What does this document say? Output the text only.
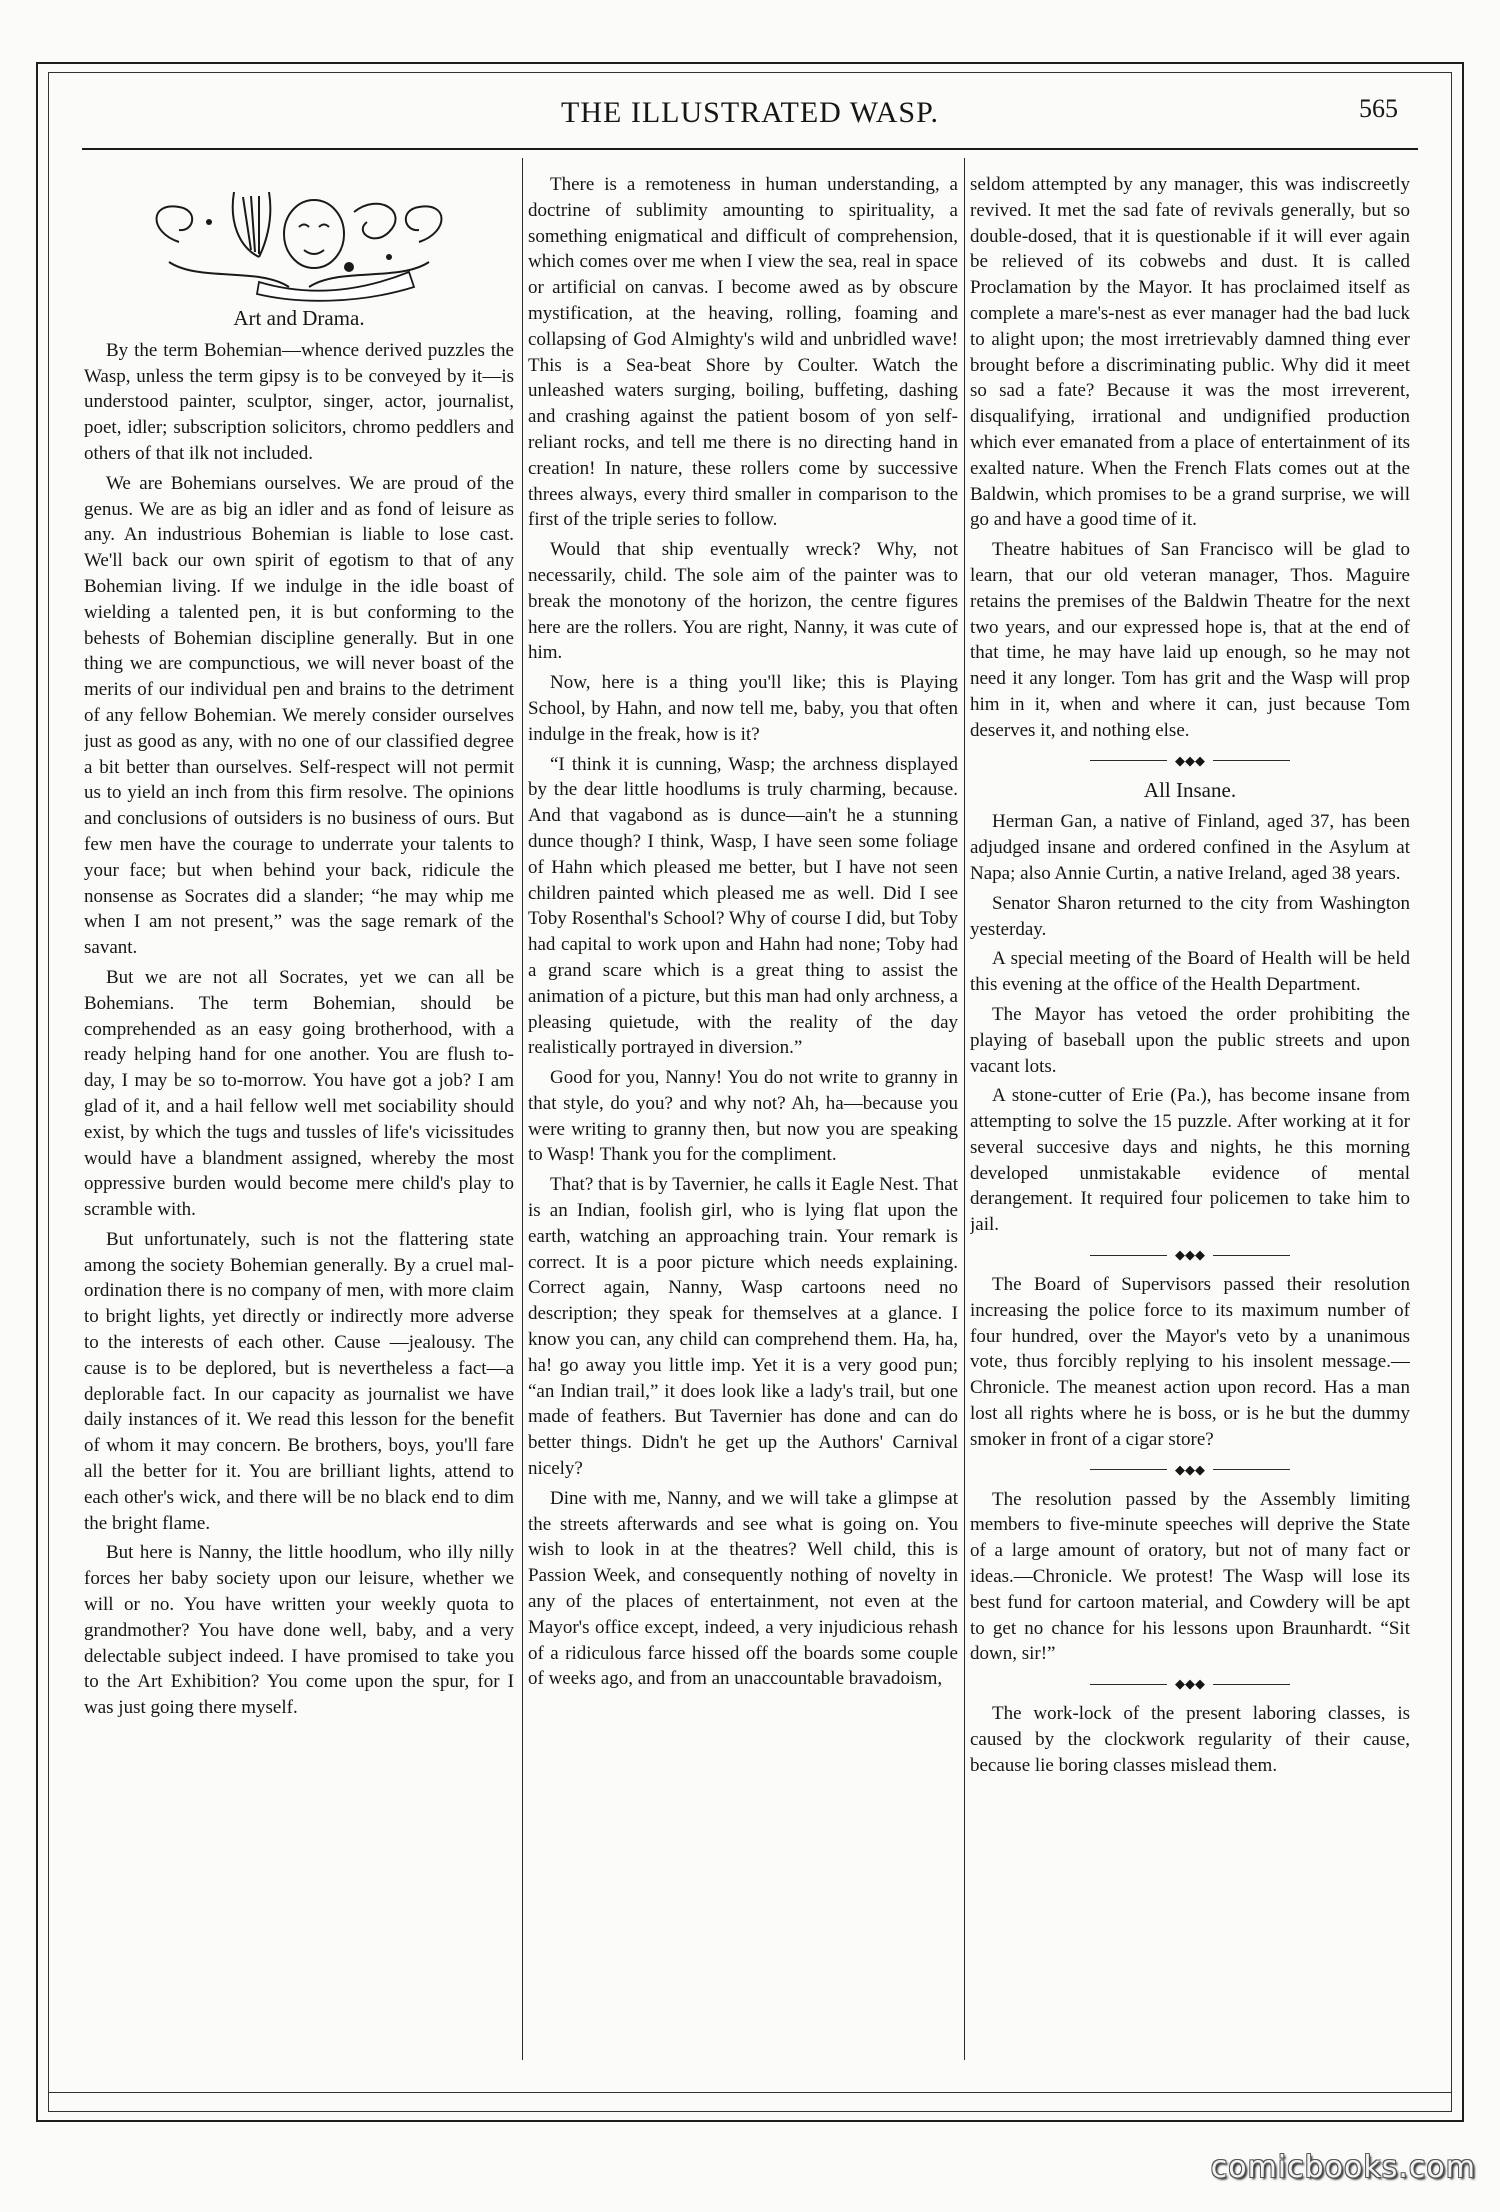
THE ILLUSTRATED WASP.	565
Art and Drama.

By the term Bohemian—whence derived puzzles the Wasp, unless the term gipsy is to be conveyed by it—is understood painter, sculptor, singer, actor, journalist, poet, idler; subscription solicitors, chromo peddlers and others of that ilk not included.

We are Bohemians ourselves. We are proud of the genus. We are as big an idler and as fond of leisure as any. An industrious Bohemian is liable to lose cast. We'll back our own spirit of egotism to that of any Bohemian living. If we indulge in the idle boast of wielding a talented pen, it is but conforming to the behests of Bohemian discipline generally. But in one thing we are compunctious, we will never boast of the merits of our individual pen and brains to the detriment of any fellow Bohemian. We merely consider ourselves just as good as any, with no one of our classified degree a bit better than ourselves. Self-respect will not permit us to yield an inch from this firm resolve. The opinions and conclusions of outsiders is no business of ours. But few men have the courage to underrate your talents to your face; but when behind your back, ridicule the nonsense as Socrates did a slander; “he may whip me when I am not present,” was the sage remark of the savant.

But we are not all Socrates, yet we can all be Bohemians. The term Bohemian, should be comprehended as an easy going brotherhood, with a ready helping hand for one another. You are flush to-day, I may be so to-morrow. You have got a job? I am glad of it, and a hail fellow well met sociability should exist, by which the tugs and tussles of life's vicissitudes would have a blandment assigned, whereby the most oppressive burden would become mere child's play to scramble with.

But unfortunately, such is not the flattering state among the society Bohemian generally. By a cruel mal-ordination there is no company of men, with more claim to bright lights, yet directly or indirectly more adverse to the interests of each other. Cause —jealousy. The cause is to be deplored, but is nevertheless a fact—a deplorable fact. In our capacity as journalist we have daily instances of it. We read this lesson for the benefit of whom it may concern. Be brothers, boys, you'll fare all the better for it. You are brilliant lights, attend to each other's wick, and there will be no black end to dim the bright flame.

But here is Nanny, the little hoodlum, who illy nilly forces her baby society upon our leisure, whether we will or no. You have written your weekly quota to grandmother? You have done well, baby, and a very delectable subject indeed. I have promised to take you to the Art Exhibition? You come upon the spur, for I was just going there myself.

There is a remoteness in human understanding, a doctrine of sublimity amounting to spirituality, a something enigmatical and difficult of comprehension, which comes over me when I view the sea, real in space or artificial on canvas. I become awed as by obscure mystification, at the heaving, rolling, foaming and collapsing of God Almighty's wild and unbridled wave! This is a Sea-beat Shore by Coulter. Watch the unleashed waters surging, boiling, buffeting, dashing and crashing against the patient bosom of yon self-reliant rocks, and tell me there is no directing hand in creation! In nature, these rollers come by successive threes always, every third smaller in comparison to the first of the triple series to follow.

Would that ship eventually wreck? Why, not necessarily, child. The sole aim of the painter was to break the monotony of the horizon, the centre figures here are the rollers. You are right, Nanny, it was cute of him.

Now, here is a thing you'll like; this is Playing School, by Hahn, and now tell me, baby, you that often indulge in the freak, how is it?

“I think it is cunning, Wasp; the archness displayed by the dear little hoodlums is truly charming, because. And that vagabond as is dunce—ain't he a stunning dunce though? I think, Wasp, I have seen some foliage of Hahn which pleased me better, but I have not seen children painted which pleased me as well. Did I see Toby Rosenthal's School? Why of course I did, but Toby had capital to work upon and Hahn had none; Toby had a grand scare which is a great thing to assist the animation of a picture, but this man had only archness, a pleasing quietude, with the reality of the day realistically portrayed in diversion.”

Good for you, Nanny! You do not write to granny in that style, do you? and why not? Ah, ha—because you were writing to granny then, but now you are speaking to Wasp! Thank you for the compliment.

That? that is by Tavernier, he calls it Eagle Nest. That is an Indian, foolish girl, who is lying flat upon the earth, watching an approaching train. Your remark is correct. It is a poor picture which needs explaining. Correct again, Nanny, Wasp cartoons need no description; they speak for themselves at a glance. I know you can, any child can comprehend them. Ha, ha, ha! go away you little imp. Yet it is a very good pun; “an Indian trail,” it does look like a lady's trail, but one made of feathers. But Tavernier has done and can do better things. Didn't he get up the Authors' Carnival nicely?

Dine with me, Nanny, and we will take a glimpse at the streets afterwards and see what is going on. You wish to look in at the theatres? Well child, this is Passion Week, and consequently nothing of novelty in any of the places of entertainment, not even at the Mayor's office except, indeed, a very injudicious rehash of a ridiculous farce hissed off the boards some couple of weeks ago, and from an unaccountable bravadoism,

seldom attempted by any manager, this was indiscreetly revived. It met the sad fate of revivals generally, but so double-dosed, that it is questionable if it will ever again be relieved of its cobwebs and dust. It is called Proclamation by the Mayor. It has proclaimed itself as complete a mare's-nest as ever manager had the bad luck to alight upon; the most irretrievably damned thing ever brought before a discriminating public. Why did it meet so sad a fate? Because it was the most irreverent, disqualifying, irrational and undignified production which ever emanated from a place of entertainment of its exalted nature. When the French Flats comes out at the Baldwin, which promises to be a grand surprise, we will go and have a good time of it.

Theatre habitues of San Francisco will be glad to learn, that our old veteran manager, Thos. Maguire retains the premises of the Baldwin Theatre for the next two years, and our expressed hope is, that at the end of that time, he may have laid up enough, so he may not need it any longer. Tom has grit and the Wasp will prop him in it, when and where it can, just because Tom deserves it, and nothing else.

◆◆◆
All Insane.

Herman Gan, a native of Finland, aged 37, has been adjudged insane and ordered confined in the Asylum at Napa; also Annie Curtin, a native Ireland, aged 38 years.

Senator Sharon returned to the city from Washington yesterday.

A special meeting of the Board of Health will be held this evening at the office of the Health Department.

The Mayor has vetoed the order prohibiting the playing of baseball upon the public streets and upon vacant lots.

A stone-cutter of Erie (Pa.), has become insane from attempting to solve the 15 puzzle. After working at it for several succesive days and nights, he this morning developed unmistakable evidence of mental derangement. It required four policemen to take him to jail.

◆◆◆

The Board of Supervisors passed their resolution increasing the police force to its maximum number of four hundred, over the Mayor's veto by a unanimous vote, thus forcibly replying to his insolent message.—Chronicle. The meanest action upon record. Has a man lost all rights where he is boss, or is he but the dummy smoker in front of a cigar store?

◆◆◆

The resolution passed by the Assembly limiting members to five-minute speeches will deprive the State of a large amount of oratory, but not of many fact or ideas.—Chronicle. We protest! The Wasp will lose its best fund for cartoon material, and Cowdery will be apt to get no chance for his lessons upon Braunhardt. “Sit down, sir!”

◆◆◆

The work-lock of the present laboring classes, is caused by the clockwork regularity of their cause, because lie boring classes mislead them.

comicbooks.com
